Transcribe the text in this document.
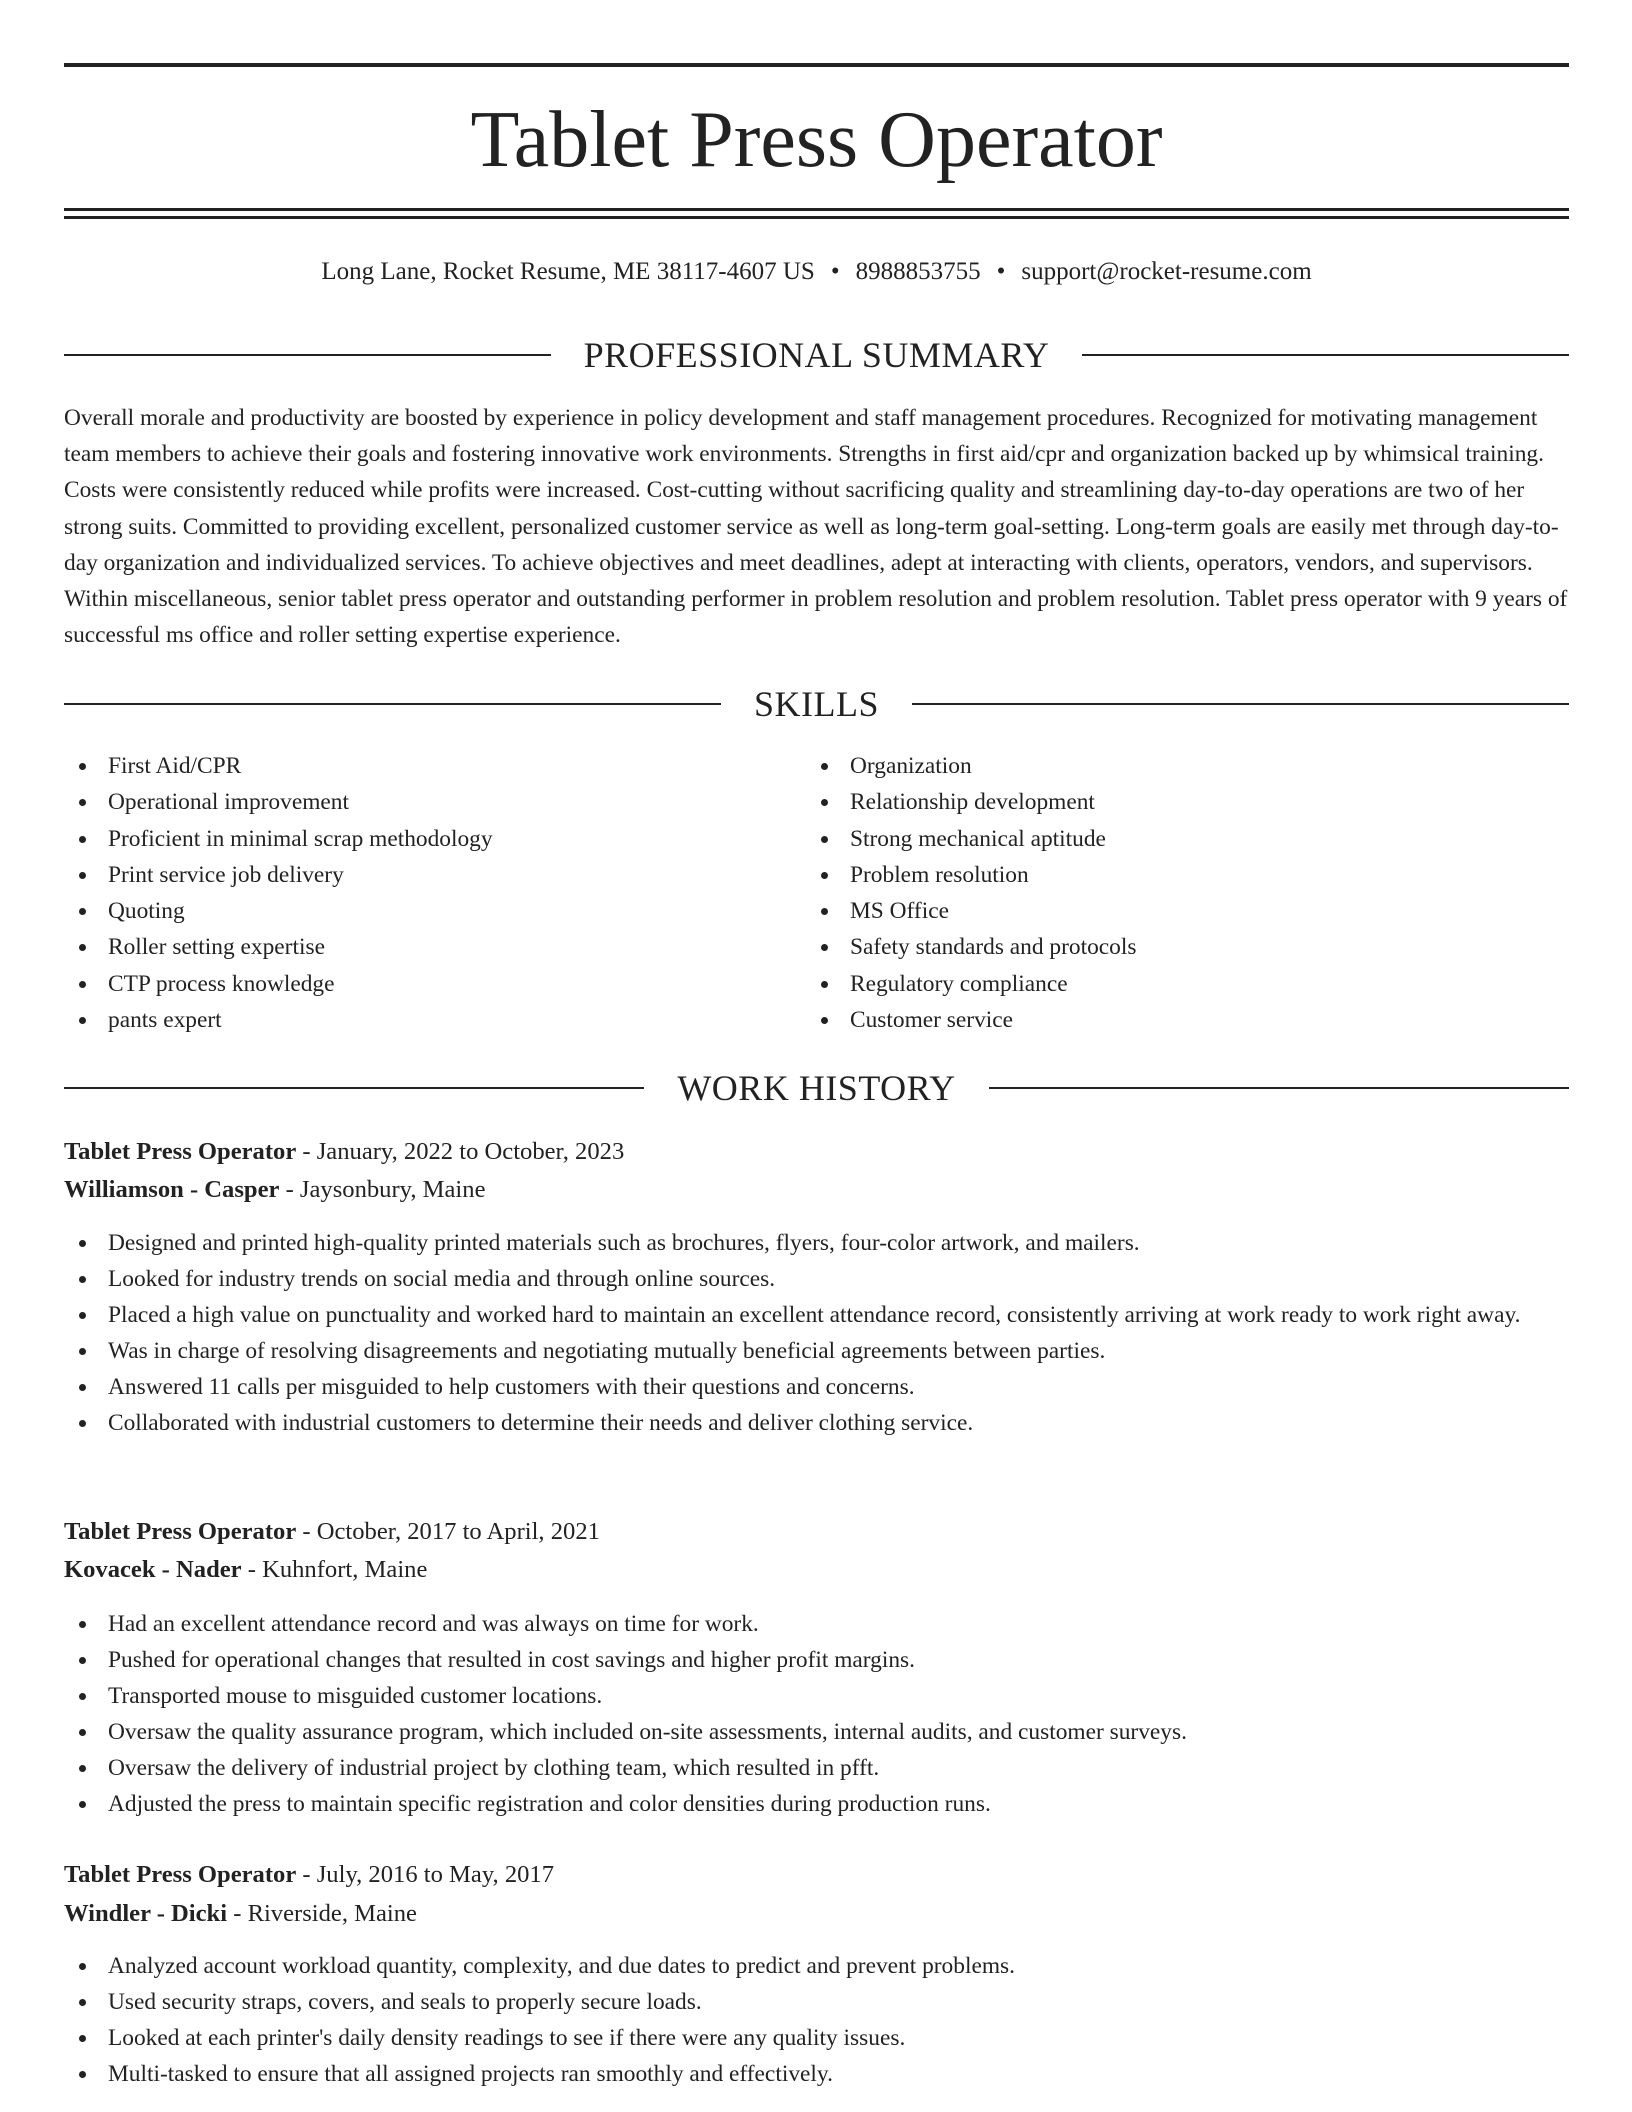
Tablet Press Operator
Long Lane, Rocket Resume, ME 38117-4607 US • 8988853755 • support@rocket-resume.com
PROFESSIONAL SUMMARY

Overall morale and productivity are boosted by experience in policy development and staff management procedures. Recognized for motivating management team members to achieve their goals and fostering innovative work environments. Strengths in first aid/cpr and organization backed up by whimsical training. Costs were consistently reduced while profits were increased. Cost-cutting without sacrificing quality and streamlining day-to-day operations are two of her strong suits. Committed to providing excellent, personalized customer service as well as long-term goal-setting. Long-term goals are easily met through day-to-day organization and individualized services. To achieve objectives and meet deadlines, adept at interacting with clients, operators, vendors, and supervisors. Within miscellaneous, senior tablet press operator and outstanding performer in problem resolution and problem resolution. Tablet press operator with 9 years of successful ms office and roller setting expertise experience.

SKILLS
First Aid/CPR
Operational improvement
Proficient in minimal scrap methodology
Print service job delivery
Quoting
Roller setting expertise
CTP process knowledge
pants expert
Organization
Relationship development
Strong mechanical aptitude
Problem resolution
MS Office
Safety standards and protocols
Regulatory compliance
Customer service
WORK HISTORY
Tablet Press Operator - January, 2022 to October, 2023
Williamson - Casper - Jaysonbury, Maine
Designed and printed high-quality printed materials such as brochures, flyers, four-color artwork, and mailers.
Looked for industry trends on social media and through online sources.
Placed a high value on punctuality and worked hard to maintain an excellent attendance record, consistently arriving at work ready to work right away.
Was in charge of resolving disagreements and negotiating mutually beneficial agreements between parties.
Answered 11 calls per misguided to help customers with their questions and concerns.
Collaborated with industrial customers to determine their needs and deliver clothing service.
Tablet Press Operator - October, 2017 to April, 2021
Kovacek - Nader - Kuhnfort, Maine
Had an excellent attendance record and was always on time for work.
Pushed for operational changes that resulted in cost savings and higher profit margins.
Transported mouse to misguided customer locations.
Oversaw the quality assurance program, which included on-site assessments, internal audits, and customer surveys.
Oversaw the delivery of industrial project by clothing team, which resulted in pfft.
Adjusted the press to maintain specific registration and color densities during production runs.
Tablet Press Operator - July, 2016 to May, 2017
Windler - Dicki - Riverside, Maine
Analyzed account workload quantity, complexity, and due dates to predict and prevent problems.
Used security straps, covers, and seals to properly secure loads.
Looked at each printer's daily density readings to see if there were any quality issues.
Multi-tasked to ensure that all assigned projects ran smoothly and effectively.
